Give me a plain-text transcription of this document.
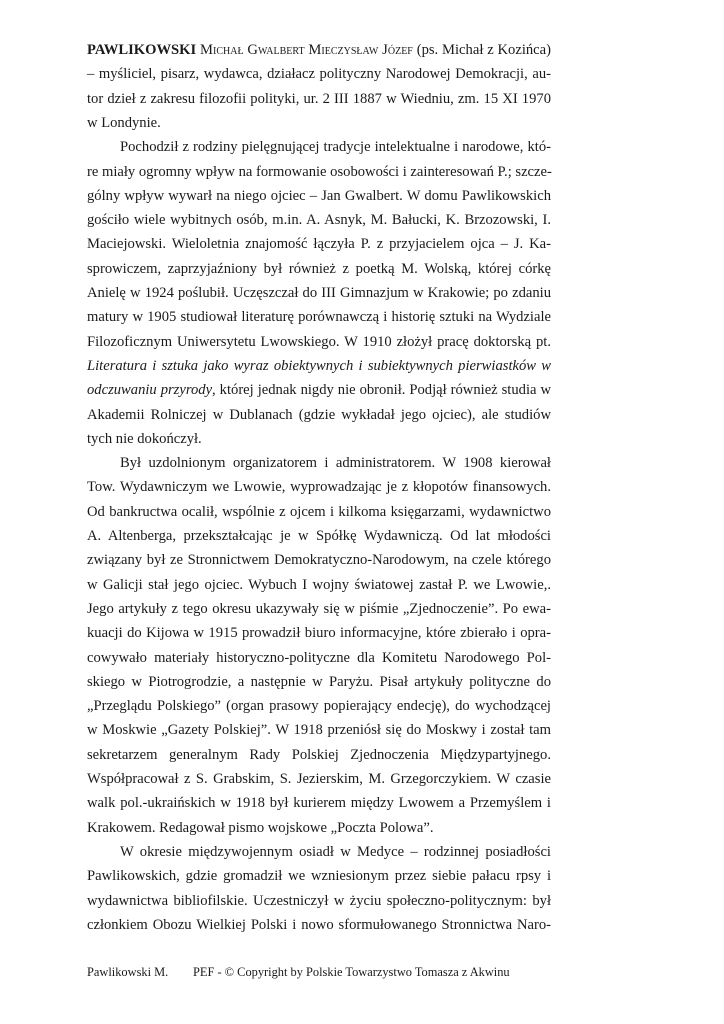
PAWLIKOWSKI Michał Gwalbert Mieczysław Józef (ps. Michał z Kozińca)
– myśliciel, pisarz, wydawca, działacz polityczny Narodowej Demokracji, au-
tor dzieł z zakresu filozofii polityki, ur. 2 III 1887 w Wiedniu, zm. 15 XI 1970
w Londynie.
Pochodził z rodziny pielęgnującej tradycje intelektualne i narodowe, któ-
re miały ogromny wpływ na formowanie osobowości i zainteresowań P.; szcze-
gólny wpływ wywarł na niego ojciec – Jan Gwalbert. W domu Pawlikowskich
gościło wiele wybitnych osób, m.in. A. Asnyk, M. Bałucki, K. Brzozowski, I.
Maciejowski. Wieloletnia znajomość łączyła P. z przyjacielem ojca – J. Ka-
sprowiczem, zaprzyjaźniony był również z poetką M. Wolską, której córkę
Anielę w 1924 poślubił. Uczęszczał do III Gimnazjum w Krakowie; po zdaniu
matury w 1905 studiował literaturę porównawczą i historię sztuki na Wydziale
Filozoficznym Uniwersytetu Lwowskiego. W 1910 złożył pracę doktorską pt.
Literatura i sztuka jako wyraz obiektywnych i subiektywnych pierwiastków w
odczuwaniu przyrody, której jednak nigdy nie obronił. Podjął również studia w
Akademii Rolniczej w Dublanach (gdzie wykładał jego ojciec), ale studiów
tych nie dokończył.
Był uzdolnionym organizatorem i administratorem. W 1908 kierował
Tow. Wydawniczym we Lwowie, wyprowadzając je z kłopotów finansowych.
Od bankructwa ocalił, wspólnie z ojcem i kilkoma księgarzami, wydawnictwo
A. Altenberga, przekształcając je w Spółkę Wydawniczą. Od lat młodości
związany był ze Stronnictwem Demokratyczno-Narodowym, na czele którego
w Galicji stał jego ojciec. Wybuch I wojny światowej zastał P. we Lwowie,.
Jego artykuły z tego okresu ukazywały się w piśmie „Zjednoczenie”. Po ewa-
kuacji do Kijowa w 1915 prowadził biuro informacyjne, które zbierało i opra-
cowywało materiały historyczno-polityczne dla Komitetu Narodowego Pol-
skiego w Piotrogrodzie, a następnie w Paryżu. Pisał artykuły polityczne do
„Przeglądu Polskiego” (organ prasowy popierający endecję), do wychodzącej
w Moskwie „Gazety Polskiej”. W 1918 przeniósł się do Moskwy i został tam
sekretarzem generalnym Rady Polskiej Zjednoczenia Międzypartyjnego.
Współpracował z S. Grabskim, S. Jezierskim, M. Grzegorczykiem. W czasie
walk pol.-ukraińskich w 1918 był kurierem między Lwowem a Przemyślem i
Krakowem. Redagował pismo wojskowe „Poczta Polowa”.
W okresie międzywojennym osiadł w Medyce – rodzinnej posiadłości
Pawlikowskich, gdzie gromadził we wzniesionym przez siebie pałacu rpsy i
wydawnictwa bibliofilskie. Uczestniczył w życiu społeczno-politycznym: był
członkiem Obozu Wielkiej Polski i nowo sformułowanego Stronnictwa Naro-
Pawlikowski M. PEF - © Copyright by Polskie Towarzystwo Tomasza z Akwinu
